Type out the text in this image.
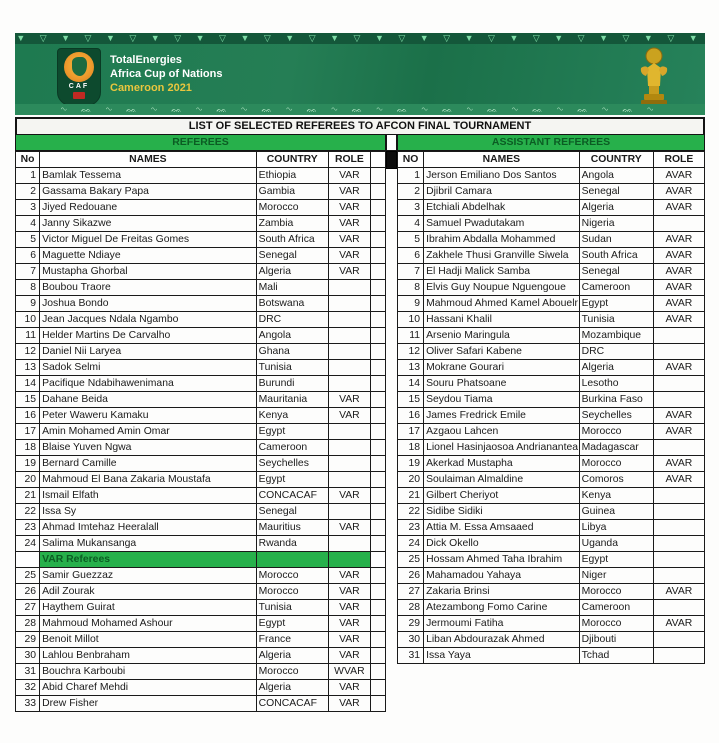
▼ ▽ ▼ ▽ ▼ ▽ ▼ ▽ ▼ ▽ ▼ ▽ ▼ ▽ ▼ ▽ ▼ ▽ ▼ ▽ ▼ ▽ ▼ ▽ ▼ ▽ ▼ ▽ ▼ ▽ ▼
CAF
TotalEnergies
Africa Cup of Nations
Cameroon 2021
∿ ᨐ ∿ ᨐ ∿ ᨐ ∿ ᨐ ∿ ᨐ ∿ ᨐ ∿ ᨐ ∿ ᨐ ∿ ᨐ ∿ ᨐ ∿ ᨐ ∿ ᨐ ∿ ᨐ ∿
LIST OF SELECTED REFEREES TO AFCON FINAL TOURNAMENT
REFEREES	ASSISTANT REFEREES
No	NAMES	COUNTRY	ROLE	
1	Bamlak Tessema	Ethiopia	VAR	
2	Gassama Bakary Papa	Gambia	VAR	
3	Jiyed Redouane	Morocco	VAR	
4	Janny Sikazwe	Zambia	VAR	
5	Victor Miguel De Freitas Gomes	South Africa	VAR	
6	Maguette Ndiaye	Senegal	VAR	
7	Mustapha Ghorbal	Algeria	VAR	
8	Boubou Traore	Mali		
9	Joshua Bondo	Botswana		
10	Jean Jacques Ndala Ngambo	DRC		
11	Helder Martins De Carvalho	Angola		
12	Daniel Nii Laryea	Ghana		
13	Sadok Selmi	Tunisia		
14	Pacifique Ndabihawenimana	Burundi		
15	Dahane Beida	Mauritania	VAR	
16	Peter Waweru Kamaku	Kenya	VAR	
17	Amin Mohamed Amin Omar	Egypt		
18	Blaise Yuven Ngwa	Cameroon		
19	Bernard Camille	Seychelles		
20	Mahmoud El Bana Zakaria Moustafa	Egypt		
21	Ismail Elfath	CONCACAF	VAR	
22	Issa Sy	Senegal		
23	Ahmad Imtehaz Heeralall	Mauritius	VAR	
24	Salima Mukansanga	Rwanda		
	VAR Referees			
25	Samir Guezzaz	Morocco	VAR	
26	Adil Zourak	Morocco	VAR	
27	Haythem Guirat	Tunisia	VAR	
28	Mahmoud Mohamed Ashour	Egypt	VAR	
29	Benoit Millot	France	VAR	
30	Lahlou Benbraham	Algeria	VAR	
31	Bouchra Karboubi	Morocco	WVAR	
32	Abid Charef Mehdi	Algeria	VAR	
33	Drew Fisher	CONCACAF	VAR	
NO	NAMES	COUNTRY	ROLE
1	Jerson Emiliano Dos Santos	Angola	AVAR
2	Djibril Camara	Senegal	AVAR
3	Etchiali Abdelhak	Algeria	AVAR
4	Samuel Pwadutakam	Nigeria	
5	Ibrahim Abdalla Mohammed	Sudan	AVAR
6	Zakhele Thusi Granville Siwela	South Africa	AVAR
7	El Hadji Malick Samba	Senegal	AVAR
8	Elvis Guy Noupue Nguengoue	Cameroon	AVAR
9	Mahmoud Ahmed Kamel Abouelr	Egypt	AVAR
10	Hassani Khalil	Tunisia	AVAR
11	Arsenio Maringula	Mozambique	
12	Oliver Safari Kabene	DRC	
13	Mokrane Gourari	Algeria	AVAR
14	Souru Phatsoane	Lesotho	
15	Seydou Tiama	Burkina Faso	
16	James Fredrick Emile	Seychelles	AVAR
17	Azgaou Lahcen	Morocco	AVAR
18	Lionel Hasinjaosoa Andrianantea	Madagascar	
19	Akerkad Mustapha	Morocco	AVAR
20	Soulaiman Almaldine	Comoros	AVAR
21	Gilbert Cheriyot	Kenya	
22	Sidibe Sidiki	Guinea	
23	Attia M. Essa Amsaaed	Libya	
24	Dick Okello	Uganda	
25	Hossam Ahmed Taha Ibrahim	Egypt	
26	Mahamadou Yahaya	Niger	
27	Zakaria Brinsi	Morocco	AVAR
28	Atezambong Fomo Carine	Cameroon	
29	Jermoumi Fatiha	Morocco	AVAR
30	Liban Abdourazak Ahmed	Djibouti	
31	Issa Yaya	Tchad	
